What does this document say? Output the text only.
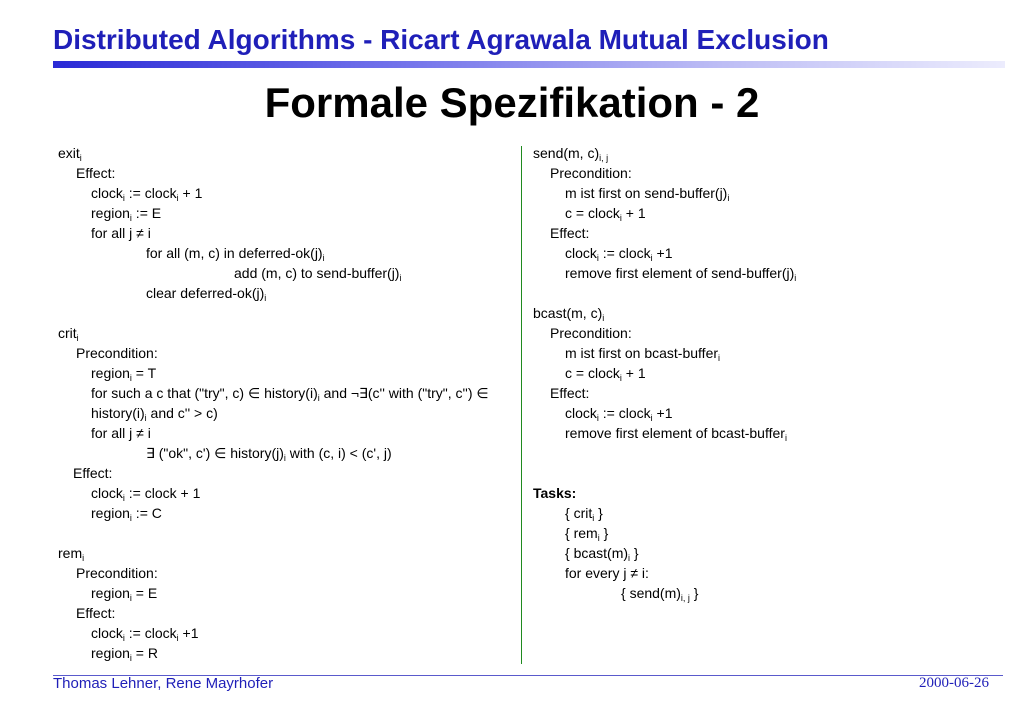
Distributed Algorithms - Ricart Agrawala Mutual Exclusion
Formale Spezifikation - 2
exit$_i$
Effect:
clock$_i$ := clock$_i$ + 1
region$_i$ := E
for all j ≠ i
for all (m, c) in deferred-$ok(j)_i$
add (m, c) to send-$buffer(j)_i$
clear deferred-$ok(j)_i$
crit$_i$
Precondition:
region$_i$ = T
for such a c that ("try", c) ∈ $history(i)_i$ and ¬∃(c'' with ("try", c'') ∈ $history(i)_i$ and c'' > c)
for all j ≠ i
∃ ("ok", c') ∈ $history(j)_i$ with (c, i) < (c', j)
Effect:
clock$_i$ := clock + 1
region$_i$ := C
rem$_i$
Precondition:
region$_i$ = E
Effect:
clock$_i$ := clock$_i$ +1
region$_i$ = R
send(m, $c)_{i, j}$
Precondition:
m ist first on send-$buffer(j)_i$
c = clock$_i$ + 1
Effect:
clock$_i$ := clock$_i$ +1
remove first element of send-$buffer(j)_i$
bcast(m, $c)_i$
Precondition:
m ist first on bcast-buffer$_i$
c = clock$_i$ + 1
Effect:
clock$_i$ := clock$_i$ +1
remove first element of bcast-buffer$_i$
Tasks:
{ crit$_i$ }
{ rem$_i$ }
{ $bcast(m)_i$ }
for every j ≠ i:
{ $send(m)_{i, j}$ }
Thomas Lehner, Rene Mayrhofer	2000-06-26
